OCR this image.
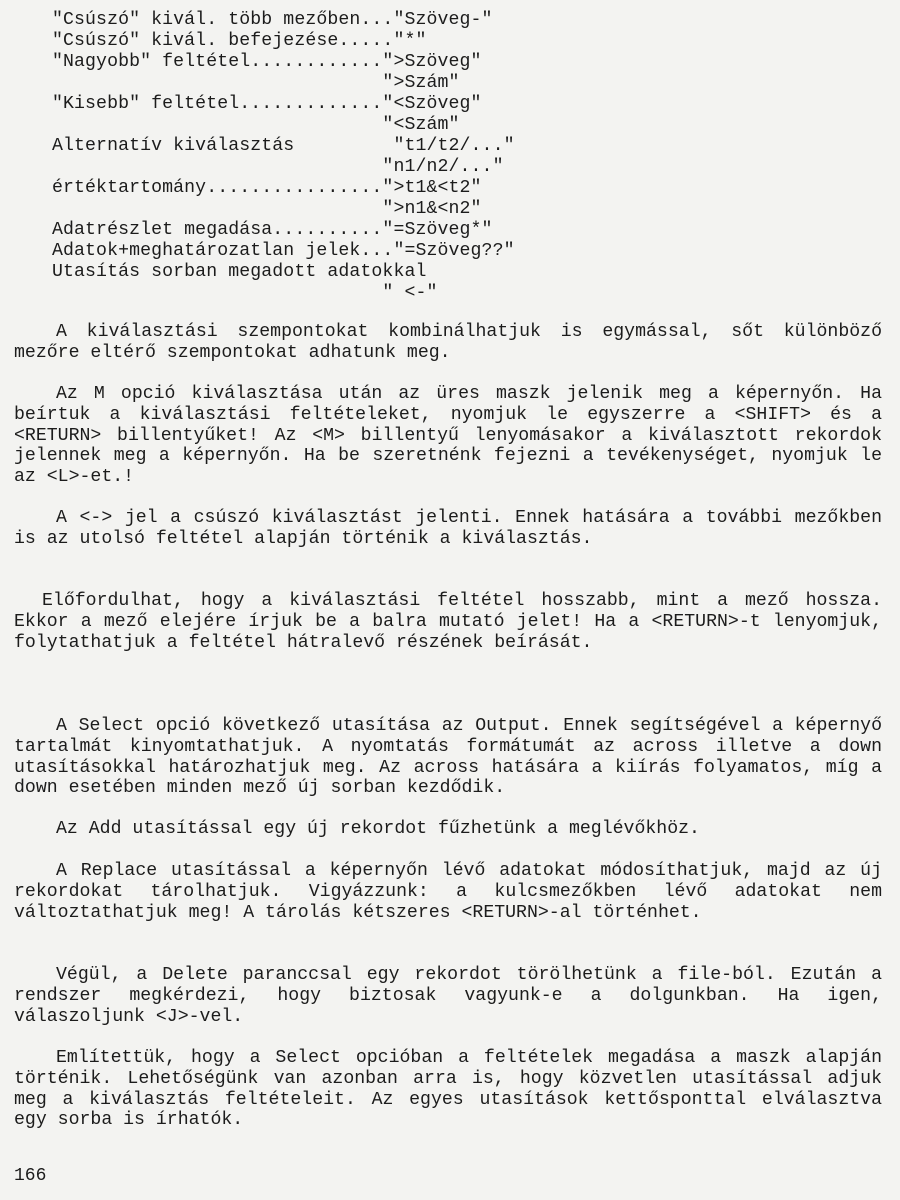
"Csúszó" kivál. több mezőben..."Szöveg-"

"Csúszó" kivál. befejezése....."*"

"Nagyobb" feltétel............">Szöveg"

">Szám"

"Kisebb" feltétel............."<Szöveg"

"<Szám"

Alternatív kiválasztás         "t1/t2/..."

"n1/n2/..."

értéktartomány................">t1&<t2"

">n1&<n2"

Adatrészlet megadása.........."=Szöveg*"

Adatok+meghatározatlan jelek..."=Szöveg??"

Utasítás sorban megadott adatokkal

" <-"

A kiválasztási szempontokat kombinálhatjuk is egymással, sőt különböző mezőre eltérő szempontokat adhatunk meg.

Az M opció kiválasztása után az üres maszk jelenik meg a képernyőn. Ha beírtuk a kiválasztási feltételeket, nyomjuk le egyszerre a <SHIFT> és a <RETURN> billentyűket! Az <M> billentyű lenyomásakor a kiválasztott rekordok jelennek meg a képernyőn. Ha be szeretnénk fejezni a tevékenységet, nyomjuk le az <L>-et.!

A <-> jel a csúszó kiválasztást jelenti. Ennek hatására a további mezőkben is az utolsó feltétel alapján történik a kiválasztás.

Előfordulhat, hogy a kiválasztási feltétel hosszabb, mint a mező hossza. Ekkor a mező elejére írjuk be a balra mutató jelet! Ha a <RETURN>-t lenyomjuk, folytathatjuk a feltétel hátralevő részének beírását.

A Select opció következő utasítása az Output. Ennek segítségével a képernyő tartalmát kinyomtathatjuk. A nyomtatás formátumát az across illetve a down utasításokkal határozhatjuk meg. Az across hatására a kiírás folyamatos, míg a down esetében minden mező új sorban kezdődik.

Az Add utasítással egy új rekordot fűzhetünk a meglévőkhöz.

A Replace utasítással a képernyőn lévő adatokat módosíthatjuk, majd az új rekordokat tárolhatjuk. Vigyázzunk: a kulcsmezőkben lévő adatokat nem változtathatjuk meg! A tárolás kétszeres <RETURN>-al történhet.

Végül, a Delete paranccsal egy rekordot törölhetünk a file-ból. Ezután a rendszer megkérdezi, hogy biztosak vagyunk-e a dolgunkban. Ha igen, válaszoljunk <J>-vel.

Említettük, hogy a Select opcióban a feltételek megadása a maszk alapján történik. Lehetőségünk van azonban arra is, hogy közvetlen utasítással adjuk meg a kiválasztás feltételeit. Az egyes utasítások kettősponttal elválasztva egy sorba is írhatók.

166
